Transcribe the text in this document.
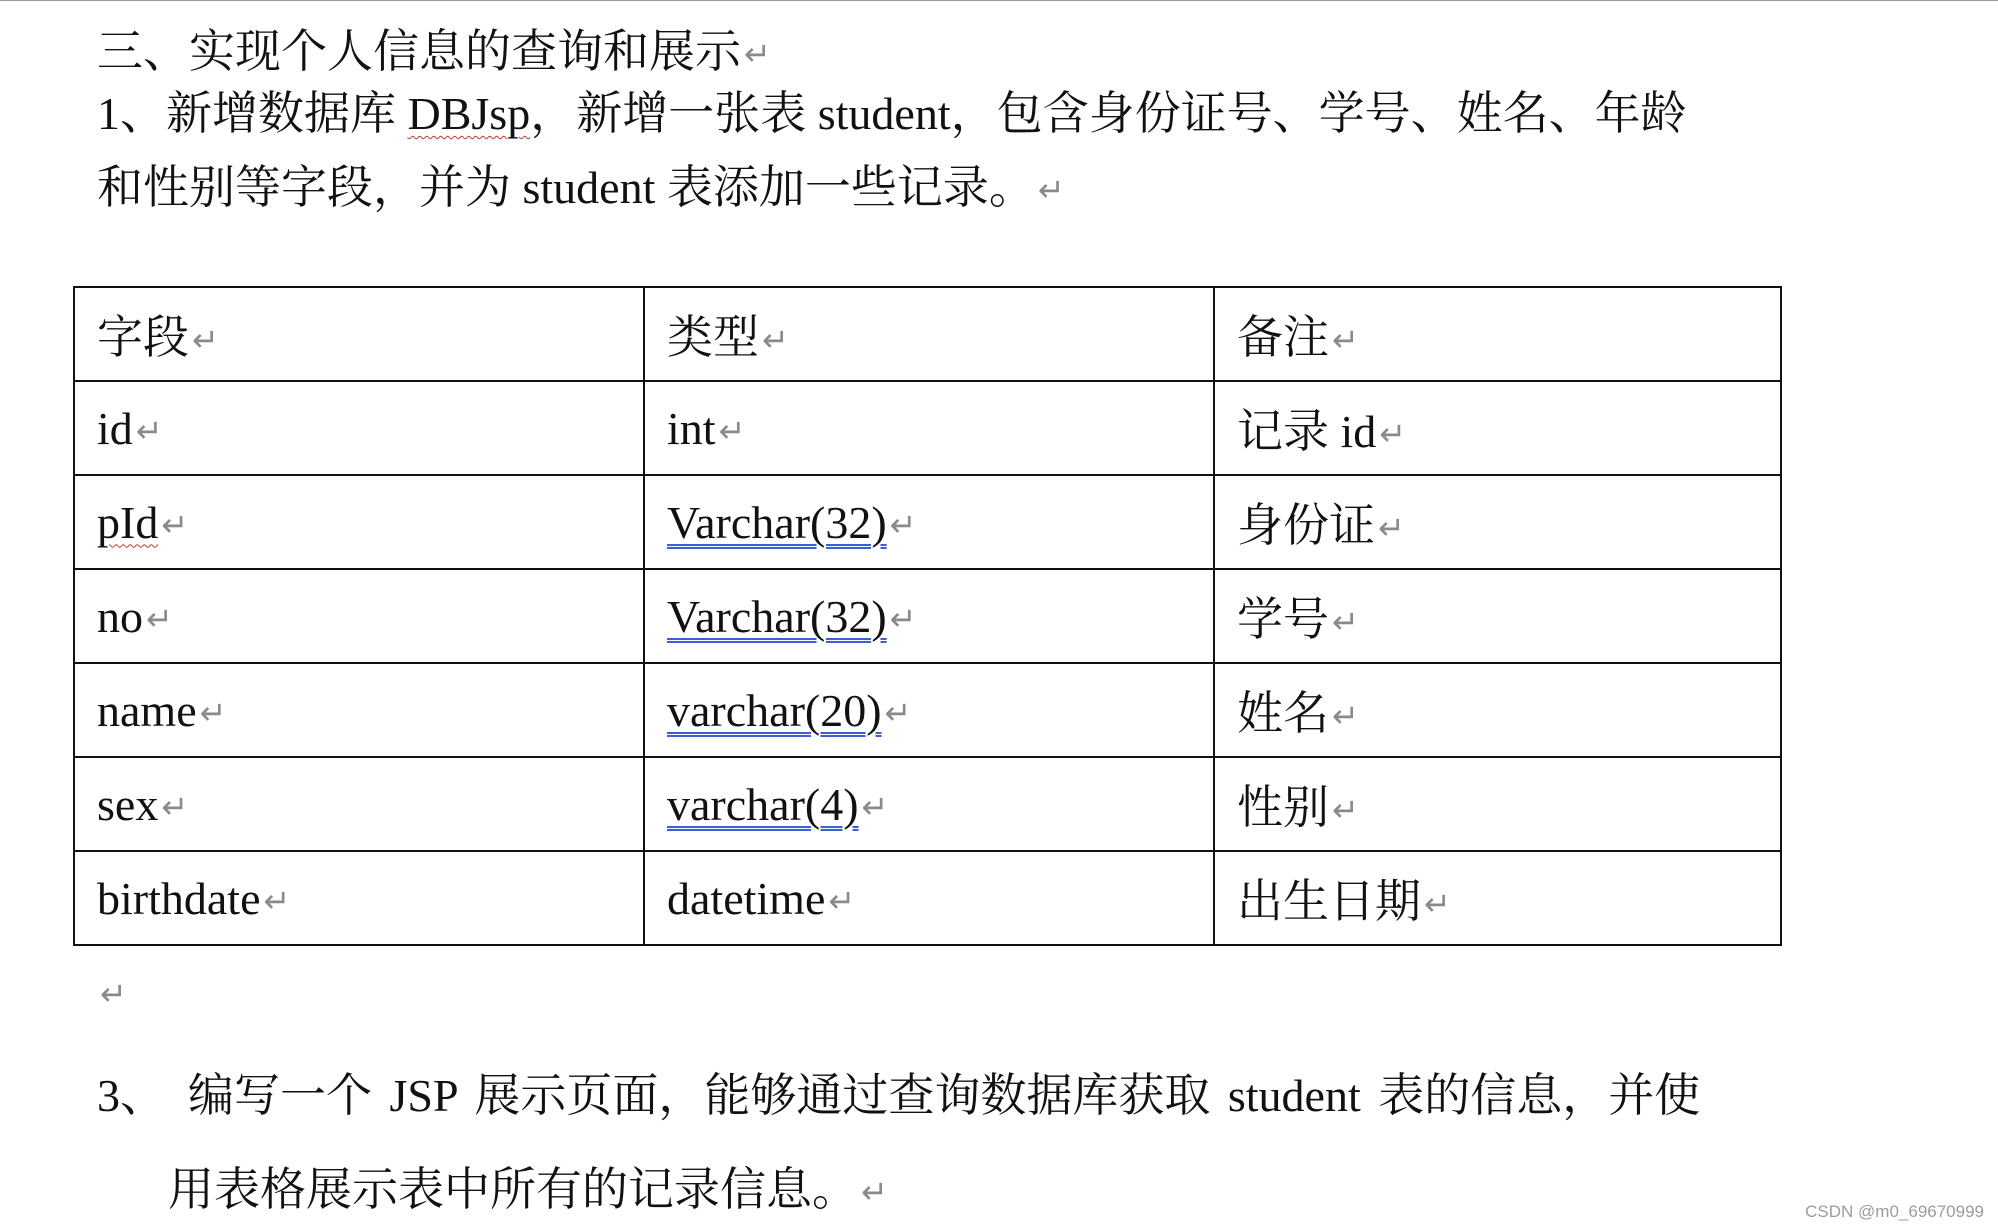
三、实现个人信息的查询和展示↵

1、新增数据库 DBJsp，新增一张表 student，包含身份证号、学号、姓名、年龄

和性别等字段，并为 student 表添加一些记录。↵

字段↵	类型↵	备注↵
id↵	int↵	记录 id↵
pId↵	Varchar(32)↵	身份证↵
no↵	Varchar(32)↵	学号↵
name↵	varchar(20)↵	姓名↵
sex↵	varchar(4)↵	性别↵
birthdate↵	datetime↵	出生日期↵
↵

3、 编写一个 JSP 展示页面，能够通过查询数据库获取 student 表的信息，并使

用表格展示表中所有的记录信息。↵

CSDN @m0_69670999
